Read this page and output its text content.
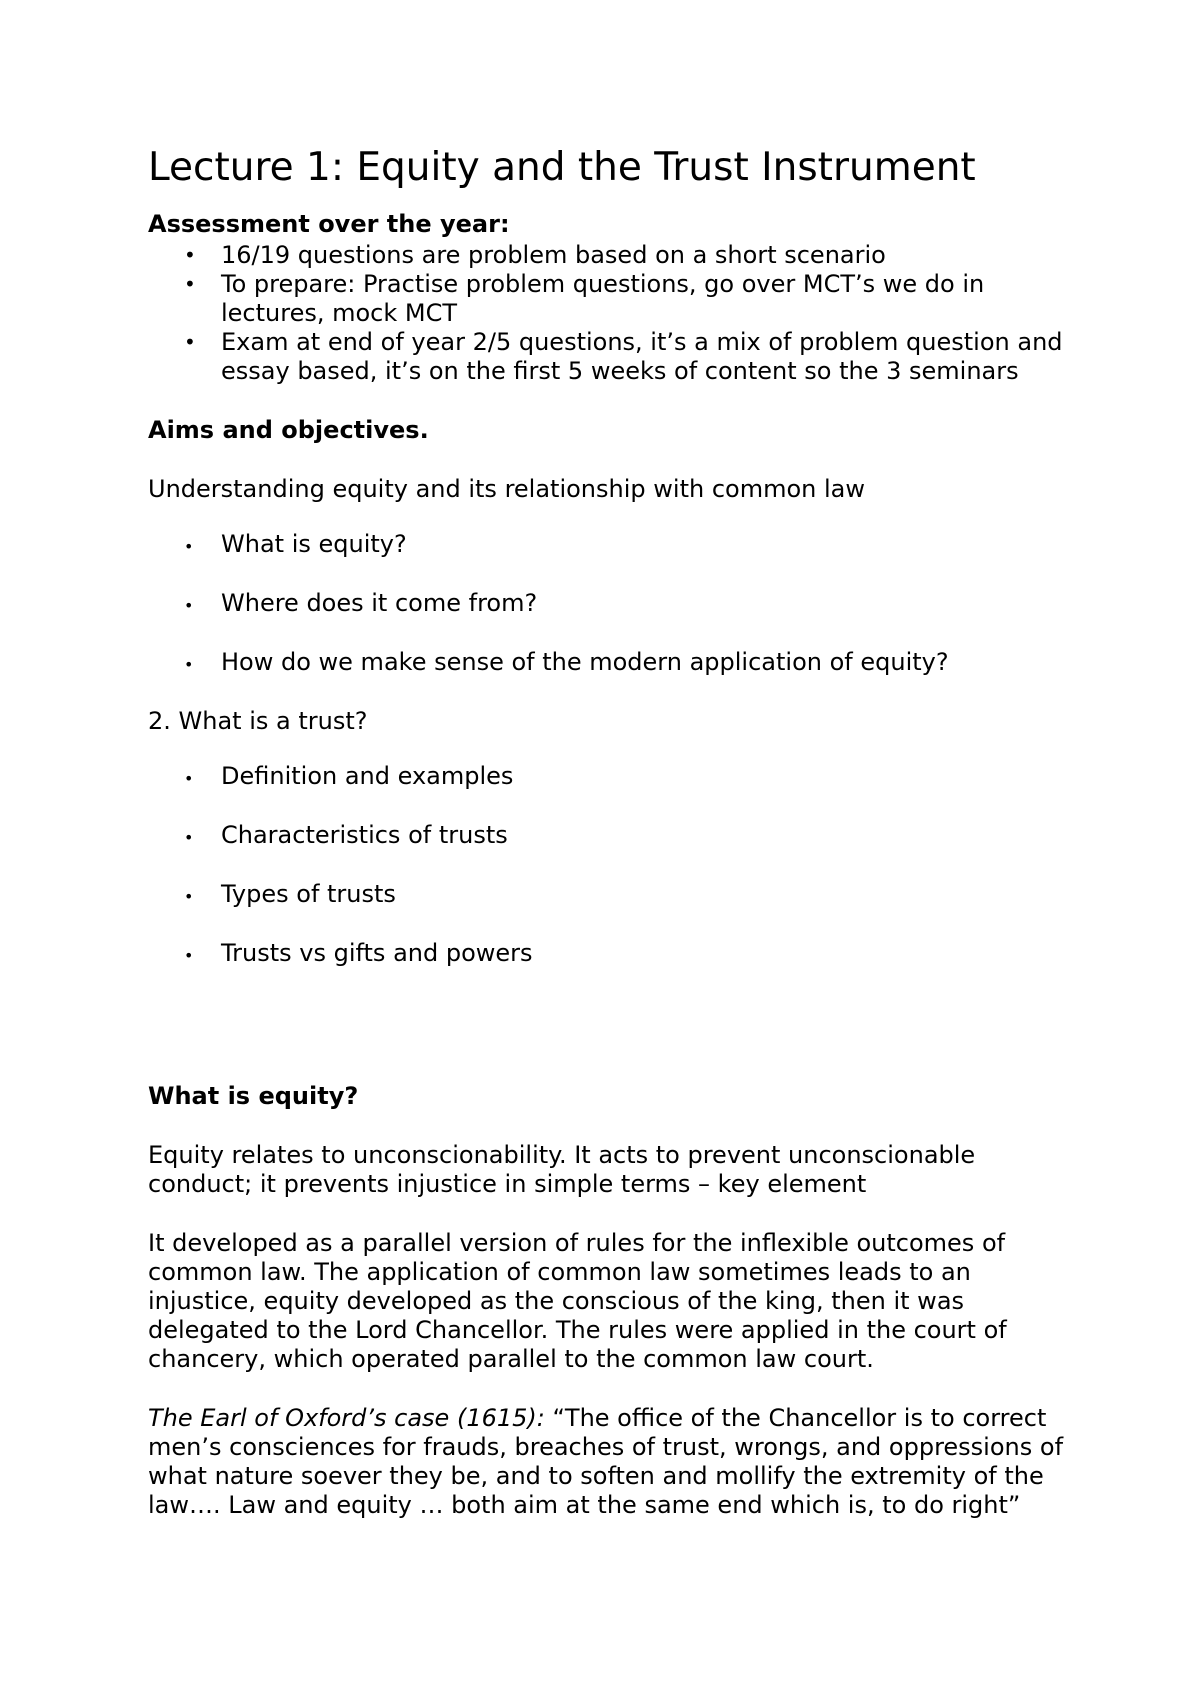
Lecture 1: Equity and the Trust Instrument

Assessment over the year:

• 16/19 questions are problem based on a short scenario
• To prepare: Practise problem questions, go over MCT’s we do in lectures, mock MCT
• Exam at end of year 2/5 questions, it’s a mix of problem question and essay based, it’s on the first 5 weeks of content so the 3 seminars

Aims and objectives.

Understanding equity and its relationship with common law

• What is equity?
• Where does it come from?
• How do we make sense of the modern application of equity?

2. What is a trust?

• Definition and examples
• Characteristics of trusts
• Types of trusts
• Trusts vs gifts and powers

What is equity?

Equity relates to unconscionability. It acts to prevent unconscionable conduct; it prevents injustice in simple terms – key element

It developed as a parallel version of rules for the inflexible outcomes of common law. The application of common law sometimes leads to an injustice, equity developed as the conscious of the king, then it was delegated to the Lord Chancellor. The rules were applied in the court of chancery, which operated parallel to the common law court.

The Earl of Oxford’s case (1615): “The office of the Chancellor is to correct men’s consciences for frauds, breaches of trust, wrongs, and oppressions of what nature soever they be, and to soften and mollify the extremity of the law…. Law and equity … both aim at the same end which is, to do right”
